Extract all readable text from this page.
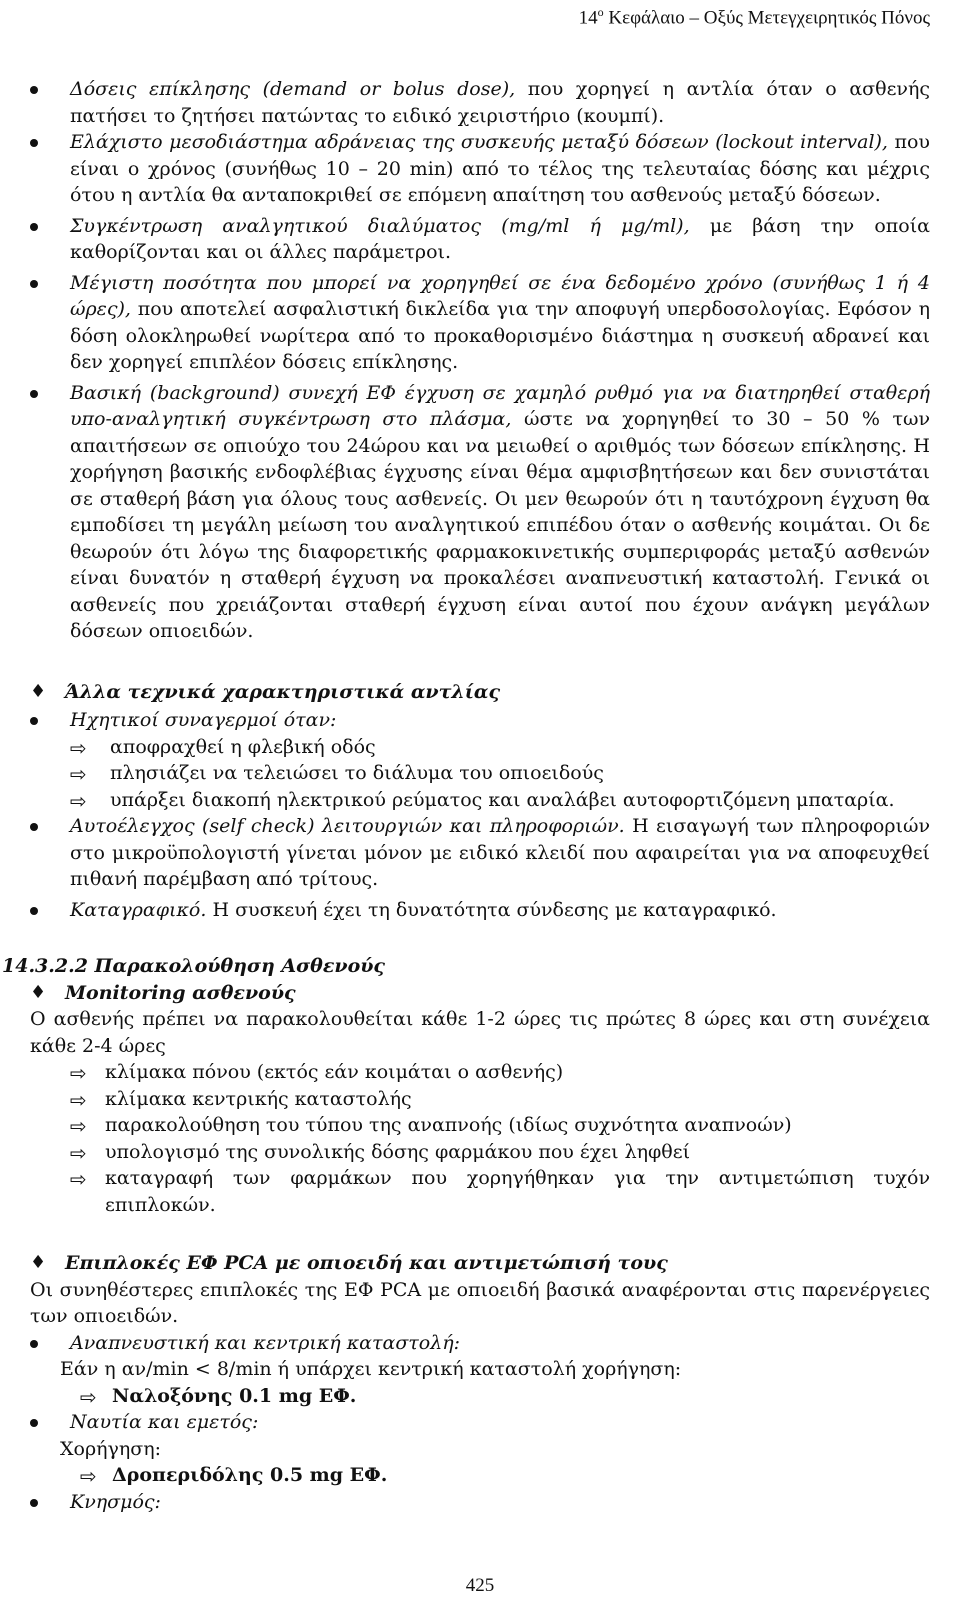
$14^o$ Κεφάλαιο – Οξύς Μετεγχειρητικός Πόνος
Δόσεις επίκλησης (demand or bolus dose), που χορηγεί η αντλία όταν ο ασθενής πατήσει το ζητήσει πατώντας το ειδικό χειριστήριο (κουμπί).
Ελάχιστο μεσοδιάστημα αδράνειας της συσκευής μεταξύ δόσεων (lockout interval), που είναι ο χρόνος (συνήθως 10 – 20 min) από το τέλος της τελευταίας δόσης και μέχρις ότου η αντλία θα ανταποκριθεί σε επόμενη απαίτηση του ασθενούς μεταξύ δόσεων.
Συγκέντρωση αναλγητικού διαλύματος (mg/ml ή μg/ml), με βάση την οποία καθορίζονται και οι άλλες παράμετροι.
Μέγιστη ποσότητα που μπορεί να χορηγηθεί σε ένα δεδομένο χρόνο (συνήθως 1 ή 4 ώρες), που αποτελεί ασφαλιστική δικλείδα για την αποφυγή υπερδοσολογίας. Εφόσον η δόση ολοκληρωθεί νωρίτερα από το προκαθορισμένο διάστημα η συσκευή αδρανεί και δεν χορηγεί επιπλέον δόσεις επίκλησης.
Βασική (background) συνεχή ΕΦ έγχυση σε χαμηλό ρυθμό για να διατηρηθεί σταθερή υπο-αναλγητική συγκέντρωση στο πλάσμα, ώστε να χορηγηθεί το 30 – 50 % των απαιτήσεων σε οπιούχο του 24ώρου και να μειωθεί ο αριθμός των δόσεων επίκλησης. Η χορήγηση βασικής ενδοφλέβιας έγχυσης είναι θέμα αμφισβητήσεων και δεν συνιστάται σε σταθερή βάση για όλους τους ασθενείς. Οι μεν θεωρούν ότι η ταυτόχρονη έγχυση θα εμποδίσει τη μεγάλη μείωση του αναλγητικού επιπέδου όταν ο ασθενής κοιμάται. Οι δε θεωρούν ότι λόγω της διαφορετικής φαρμακοκινετικής συμπεριφοράς μεταξύ ασθενών είναι δυνατόν η σταθερή έγχυση να προκαλέσει αναπνευστική καταστολή. Γενικά οι ασθενείς που χρειάζονται σταθερή έγχυση είναι αυτοί που έχουν ανάγκη μεγάλων δόσεων οπιοειδών.
♦ Άλλα τεχνικά χαρακτηριστικά αντλίας
Ηχητικοί συναγερμοί όταν:
⇨ αποφραχθεί η φλεβική οδός
⇨ πλησιάζει να τελειώσει το διάλυμα του οπιοειδούς
⇨ υπάρξει διακοπή ηλεκτρικού ρεύματος και αναλάβει αυτοφορτιζόμενη μπαταρία.
Αυτοέλεγχος (self check) λειτουργιών και πληροφοριών. Η εισαγωγή των πληροφοριών στο μικροϋπολογιστή γίνεται μόνον με ειδικό κλειδί που αφαιρείται για να αποφευχθεί πιθανή παρέμβαση από τρίτους.
Καταγραφικό. Η συσκευή έχει τη δυνατότητα σύνδεσης με καταγραφικό.
14.3.2.2 Παρακολούθηση Ασθενούς
♦ Monitoring ασθενούς
Ο ασθενής πρέπει να παρακολουθείται κάθε 1-2 ώρες τις πρώτες 8 ώρες και στη συνέχεια κάθε 2-4 ώρες
⇨ κλίμακα πόνου (εκτός εάν κοιμάται ο ασθενής)
⇨ κλίμακα κεντρικής καταστολής
⇨ παρακολούθηση του τύπου της αναπνοής (ιδίως συχνότητα αναπνοών)
⇨ υπολογισμό της συνολικής δόσης φαρμάκου που έχει ληφθεί
⇨ καταγραφή των φαρμάκων που χορηγήθηκαν για την αντιμετώπιση τυχόν επιπλοκών.
♦ Επιπλοκές ΕΦ PCA με οπιοειδή και αντιμετώπισή τους
Οι συνηθέστερες επιπλοκές της ΕΦ PCA με οπιοειδή βασικά αναφέρονται στις παρενέργειες των οπιοειδών.
Αναπνευστική και κεντρική καταστολή:
Εάν η αν/min < 8/min ή υπάρχει κεντρική καταστολή χορήγηση:
⇨ Ναλοξόνης 0.1 mg ΕΦ.
Ναυτία και εμετός:
Χορήγηση:
⇨ Δροπεριδόλης 0.5 mg ΕΦ.
Κνησμός:
425
